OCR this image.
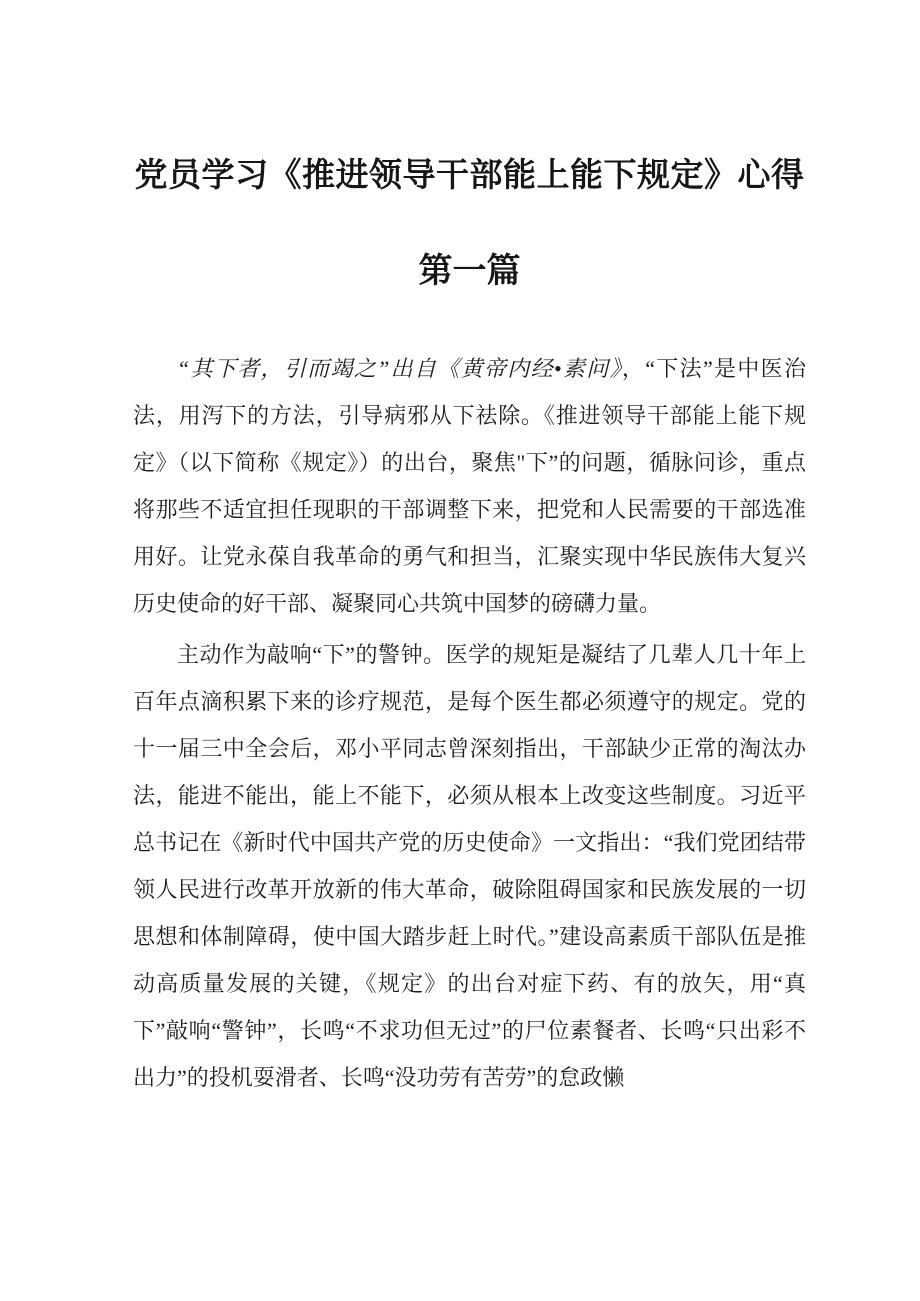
党员学习《推进领导干部能上能下规定》心得
第一篇

“其下者，引而竭之”出自《黄帝内经•素问》，“下法”是中医治法，用泻下的方法，引导病邪从下祛除。《推进领导干部能上能下规定》（以下简称《规定》）的出台，聚焦"下”的问题，循脉问诊，重点将那些不适宜担任现职的干部调整下来，把党和人民需要的干部选准用好。让党永葆自我革命的勇气和担当，汇聚实现中华民族伟大复兴历史使命的好干部、凝聚同心共筑中国梦的磅礴力量。

主动作为敲响“下”的警钟。医学的规矩是凝结了几辈人几十年上百年点滴积累下来的诊疗规范，是每个医生都必须遵守的规定。党的十一届三中全会后，邓小平同志曾深刻指出，干部缺少正常的淘汰办法，能进不能出，能上不能下，必须从根本上改变这些制度。习近平总书记在《新时代中国共产党的历史使命》一文指出：“我们党团结带领人民进行改革开放新的伟大革命，破除阻碍国家和民族发展的一切思想和体制障碍，使中国大踏步赶上时代。”建设高素质干部队伍是推动高质量发展的关键，《规定》的出台对症下药、有的放矢，用“真下”敲响“警钟”，长鸣“不求功但无过”的尸位素餐者、长鸣“只出彩不出力”的投机耍滑者、长鸣“没功劳有苦劳”的怠政懒
